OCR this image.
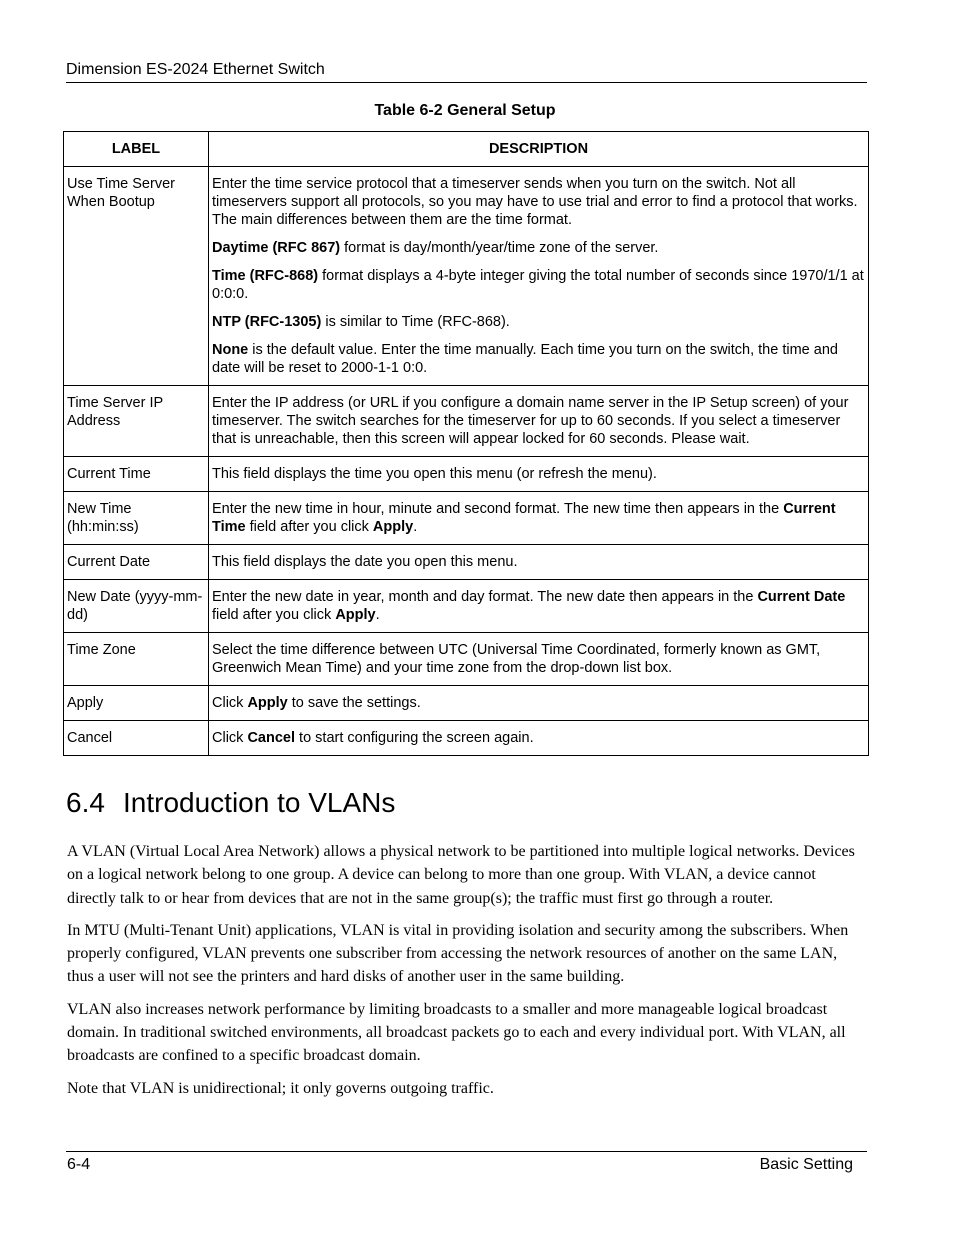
Dimension ES-2024 Ethernet Switch
Table 6-2 General Setup
LABEL	DESCRIPTION
Use Time Server When Bootup	Enter the time service protocol that a timeserver sends when you turn on the switch. Not all timeservers support all protocols, so you may have to use trial and error to find a protocol that works. The main differences between them are the time format.
Daytime (RFC 867) format is day/month/year/time zone of the server.
Time (RFC-868) format displays a 4-byte integer giving the total number of seconds since 1970/1/1 at 0:0:0.
NTP (RFC-1305) is similar to Time (RFC-868).
None is the default value. Enter the time manually. Each time you turn on the switch, the time and date will be reset to 2000-1-1 0:0.

Time Server IP Address	Enter the IP address (or URL if you configure a domain name server in the IP Setup screen) of your timeserver. The switch searches for the timeserver for up to 60 seconds. If you select a timeserver that is unreachable, then this screen will appear locked for 60 seconds. Please wait.

Current Time	This field displays the time you open this menu (or refresh the menu).

New Time (hh:min:ss)	Enter the new time in hour, minute and second format. The new time then appears in the Current Time field after you click Apply.

Current Date	This field displays the date you open this menu.

New Date (yyyy-mm-dd)	Enter the new date in year, month and day format. The new date then appears in the Current Date field after you click Apply.

Time Zone	Select the time difference between UTC (Universal Time Coordinated, formerly known as GMT, Greenwich Mean Time) and your time zone from the drop-down list box.

Apply	Click Apply to save the settings.

Cancel	Click Cancel to start configuring the screen again.
6.4 Introduction to VLANs

A VLAN (Virtual Local Area Network) allows a physical network to be partitioned into multiple logical networks. Devices on a logical network belong to one group. A device can belong to more than one group. With VLAN, a device cannot directly talk to or hear from devices that are not in the same group(s); the traffic must first go through a router.

In MTU (Multi-Tenant Unit) applications, VLAN is vital in providing isolation and security among the subscribers. When properly configured, VLAN prevents one subscriber from accessing the network resources of another on the same LAN, thus a user will not see the printers and hard disks of another user in the same building.

VLAN also increases network performance by limiting broadcasts to a smaller and more manageable logical broadcast domain. In traditional switched environments, all broadcast packets go to each and every individual port. With VLAN, all broadcasts are confined to a specific broadcast domain.

Note that VLAN is unidirectional; it only governs outgoing traffic.

6-4	Basic Setting
